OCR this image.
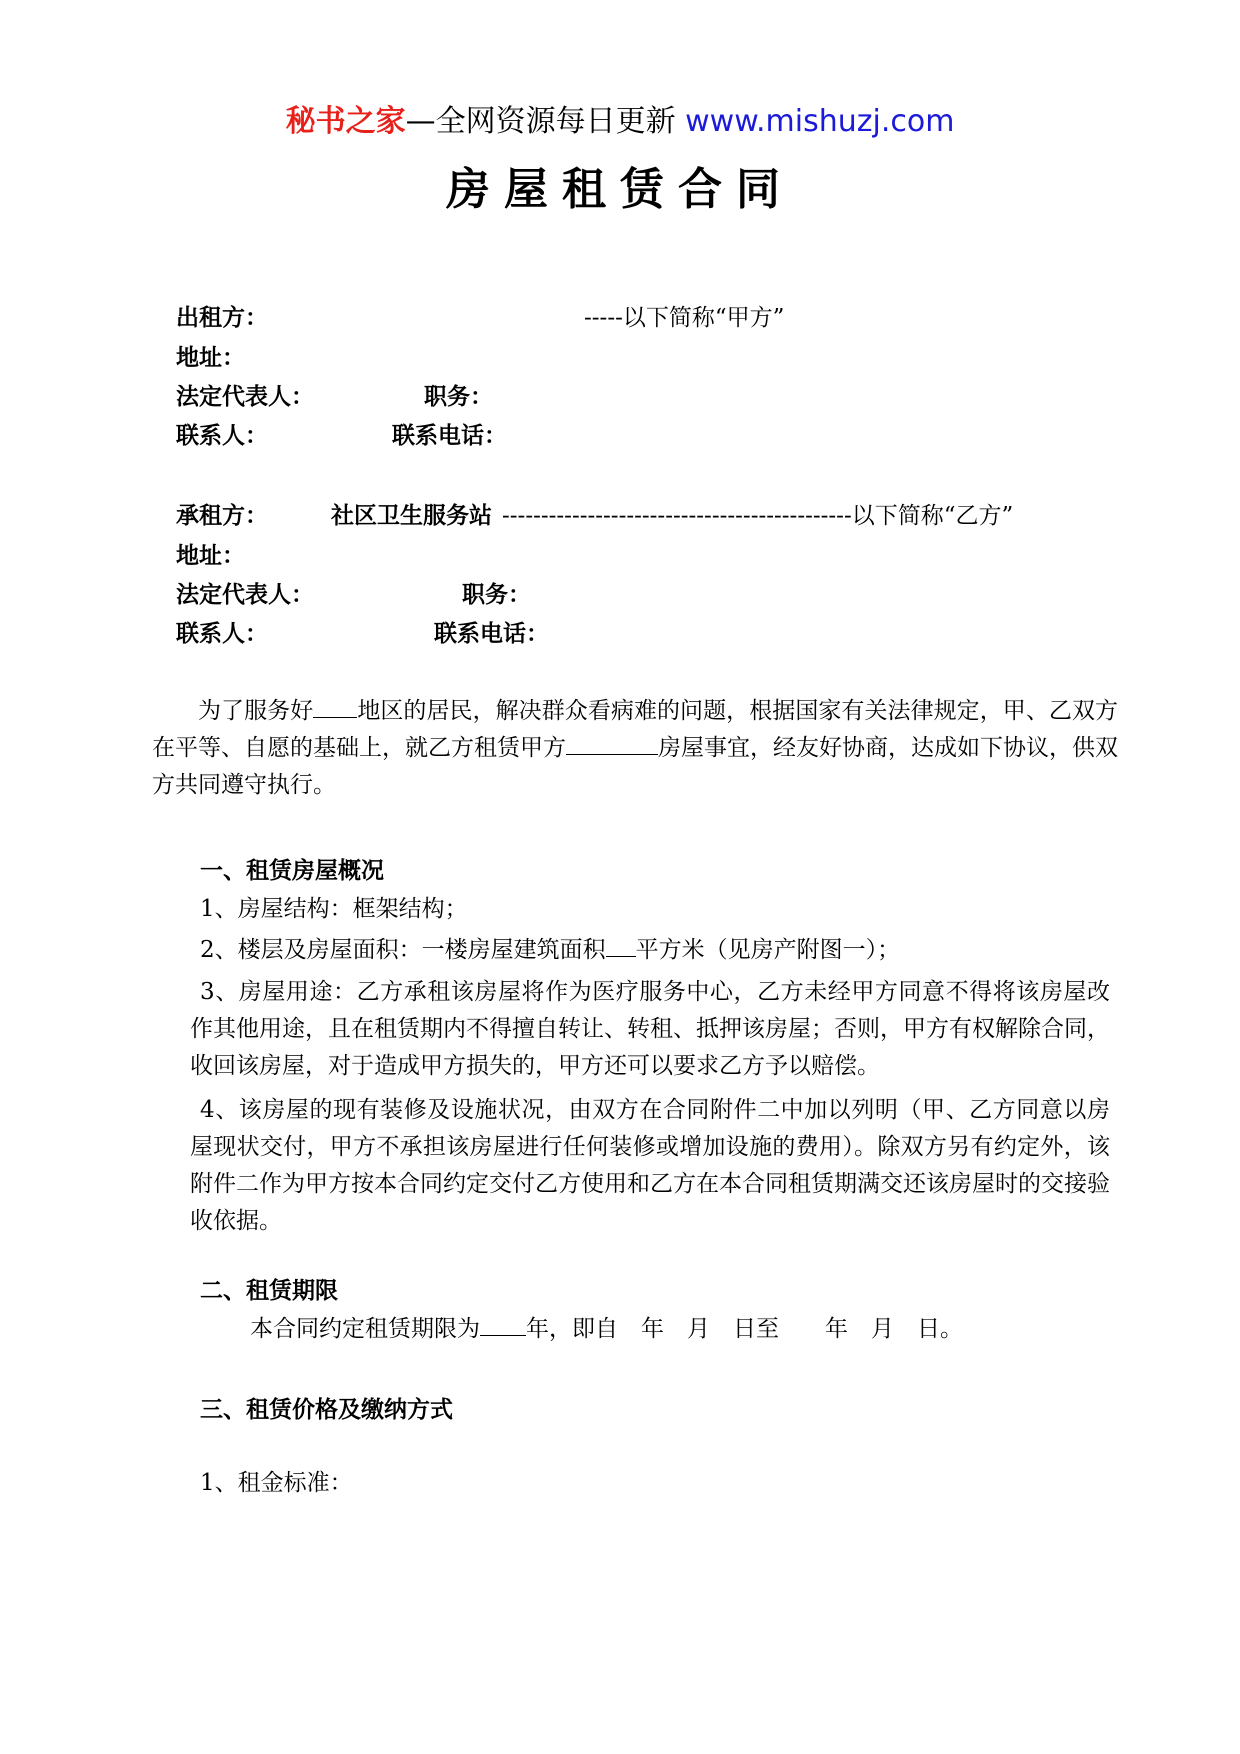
秘书之家—全网资源每日更新 www.mishuzj.com
房屋租赁合同
出租方：	-----以下简称“甲方”
地址：
法定代表人：	职务：
联系人：	联系电话：
承租方：	社区卫生服务站 ---------------------------------------------以下简称“乙方”
地址：
法定代表人：	职务：
联系人：	联系电话：
为了服务好 地区的居民，解决群众看病难的问题，根据国家有关法律规定，甲、乙双方在平等、自愿的基础上，就乙方租赁甲方	房屋事宜，经友好协商，达成如下协议，供双方共同遵守执行。
一、租赁房屋概况
1、房屋结构：框架结构；
2、楼层及房屋面积：一楼房屋建筑面积 平方米（见房产附图一）；
3、房屋用途：乙方承租该房屋将作为医疗服务中心，乙方未经甲方同意不得将该房屋改作其他用途，且在租赁期内不得擅自转让、转租、抵押该房屋；否则，甲方有权解除合同，收回该房屋，对于造成甲方损失的，甲方还可以要求乙方予以赔偿。
4、该房屋的现有装修及设施状况，由双方在合同附件二中加以列明（甲、乙方同意以房屋现状交付，甲方不承担该房屋进行任何装修或增加设施的费用）。除双方另有约定外，该附件二作为甲方按本合同约定交付乙方使用和乙方在本合同租赁期满交还该房屋时的交接验收依据。
二、租赁期限
本合同约定租赁期限为 年，即自　年　月　日至　　年　月　日。
三、租赁价格及缴纳方式
1、租金标准：
